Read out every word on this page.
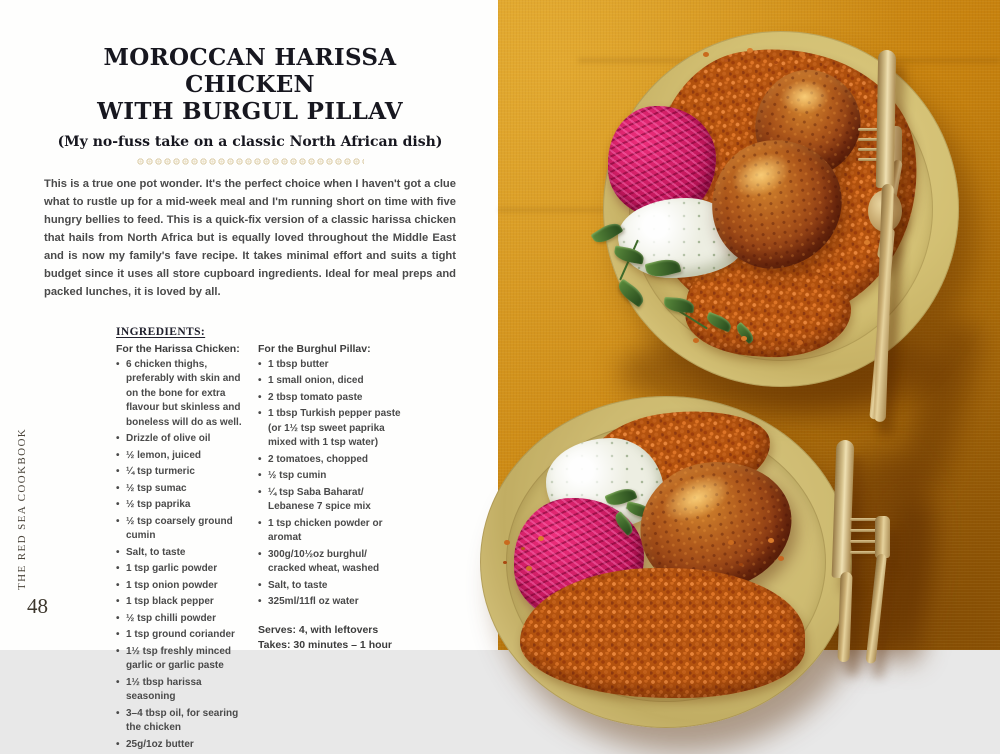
THE RED SEA COOKBOOK
48
MOROCCAN HARISSA CHICKEN
WITH BURGUL PILLAV
(My no-fuss take on a classic North African dish)

This is a true one pot wonder. It's the perfect choice when I haven't got a clue what to rustle up for a mid-week meal and I'm running short on time with five hungry bellies to feed. This is a quick-fix version of a classic harissa chicken that hails from North Africa but is equally loved throughout the Middle East and is now my family's fave recipe. It takes minimal effort and suits a tight budget since it uses all store cupboard ingredients. Ideal for meal preps and packed lunches, it is loved by all.

INGREDIENTS:
For the Harissa Chicken:
• 6 chicken thighs, preferably with skin and on the bone for extra flavour but skinless and boneless will do as well.
• Drizzle of olive oil
• ½ lemon, juiced
• ¼ tsp turmeric
• ½ tsp sumac
• ½ tsp paprika
• ½ tsp coarsely ground cumin
• Salt, to taste
• 1 tsp garlic powder
• 1 tsp onion powder
• 1 tsp black pepper
• ½ tsp chilli powder
• 1 tsp ground coriander
• 1½ tsp freshly minced garlic or garlic paste
• 1½ tbsp harissa seasoning
• 3–4 tbsp oil, for searing the chicken
• 25g/1oz butter
For the Burghul Pillav:
• 1 tbsp butter
• 1 small onion, diced
• 2 tbsp tomato paste
• 1 tbsp Turkish pepper paste (or 1½ tsp sweet paprika mixed with 1 tsp water)
• 2 tomatoes, chopped
• ½ tsp cumin
• ¼ tsp Saba Baharat/ Lebanese 7 spice mix
• 1 tsp chicken powder or aromat
• 300g/10½oz burghul/ cracked wheat, washed
• Salt, to taste
• 325ml/11fl oz water
Serves: 4, with leftovers
Takes: 30 minutes – 1 hour
